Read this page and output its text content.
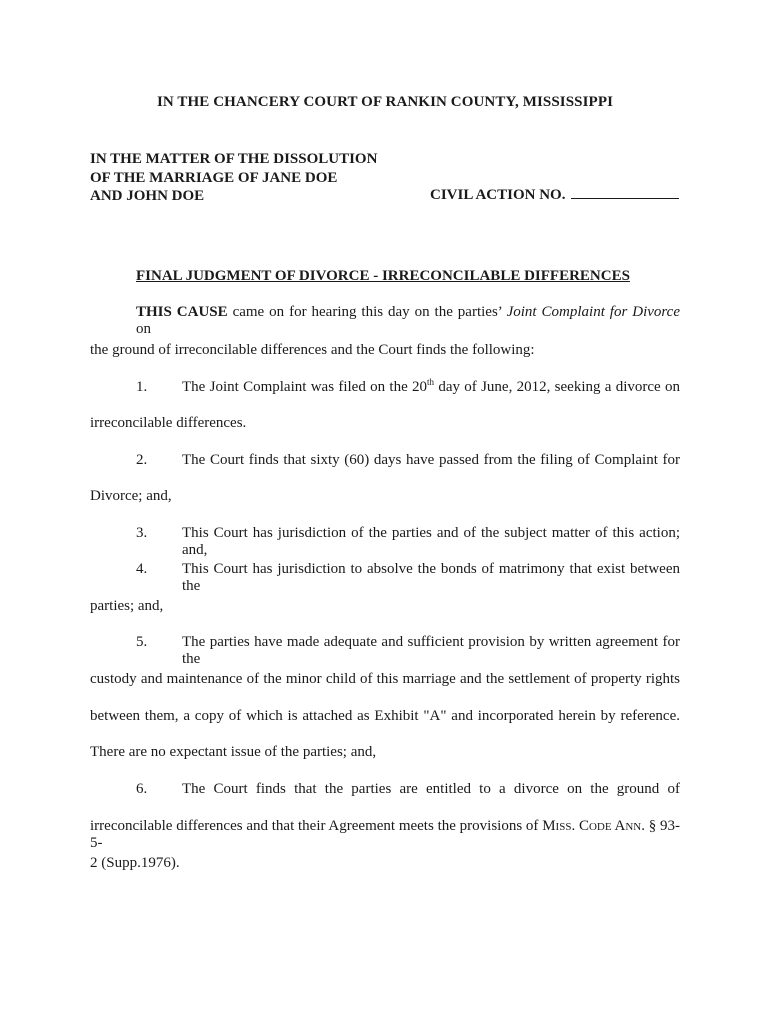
IN THE CHANCERY COURT OF RANKIN COUNTY, MISSISSIPPI
IN THE MATTER OF THE DISSOLUTION
OF THE MARRIAGE OF JANE DOE
AND JOHN DOE	CIVIL ACTION NO.
FINAL JUDGMENT OF DIVORCE - IRRECONCILABLE DIFFERENCES
THIS CAUSE came on for hearing this day on the parties’ Joint Complaint for Divorce on
the ground of irreconcilable differences and the Court finds the following:
1. The Joint Complaint was filed on the 20th day of June, 2012, seeking a divorce on
irreconcilable differences.
2. The Court finds that sixty (60) days have passed from the filing of Complaint for
Divorce; and,
3. This Court has jurisdiction of the parties and of the subject matter of this action; and,
4. This Court has jurisdiction to absolve the bonds of matrimony that exist between the
parties; and,
5. The parties have made adequate and sufficient provision by written agreement for the
custody and maintenance of the minor child of this marriage and the settlement of property rights
between them, a copy of which is attached as Exhibit "A" and incorporated herein by reference.
There are no expectant issue of the parties; and,
6. The Court finds that the parties are entitled to a divorce on the ground of
irreconcilable differences and that their Agreement meets the provisions of Miss. Code Ann. § 93-5-
2 (Supp.1976).
